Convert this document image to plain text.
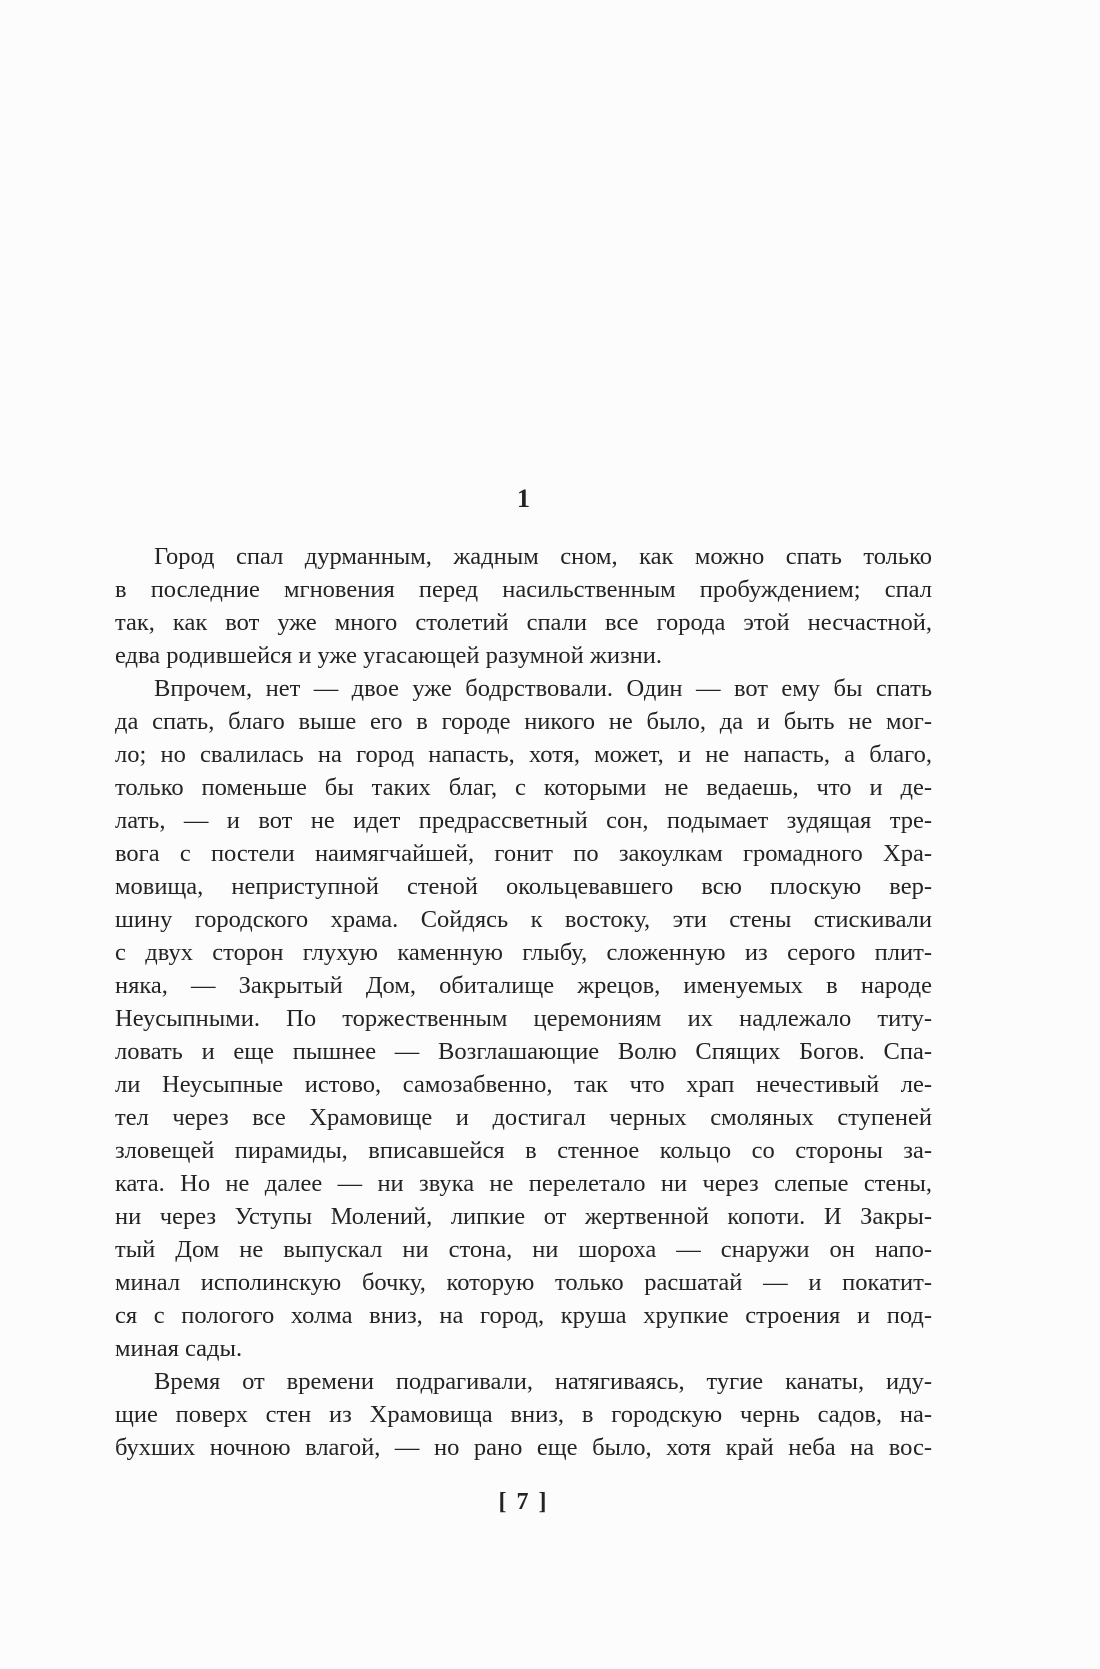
1
Город спал дурманным, жадным сном, как можно спать только
в последние мгновения перед насильственным пробуждением; спал
так, как вот уже много столетий спали все города этой несчастной,
едва родившейся и уже угасающей разумной жизни.
Впрочем, нет — двое уже бодрствовали. Один — вот ему бы спать
да спать, благо выше его в городе никого не было, да и быть не мог-
ло; но свалилась на город напасть, хотя, может, и не напасть, а благо,
только поменьше бы таких благ, с которыми не ведаешь, что и де-
лать, — и вот не идет предрассветный сон, подымает зудящая тре-
вога с постели наимягчайшей, гонит по закоулкам громадного Хра-
мовища, неприступной стеной окольцевавшего всю плоскую вер-
шину городского храма. Сойдясь к востоку, эти стены стискивали
с двух сторон глухую каменную глыбу, сложенную из серого плит-
няка, — Закрытый Дом, обиталище жрецов, именуемых в народе
Неусыпными. По торжественным церемониям их надлежало титу-
ловать и еще пышнее — Возглашающие Волю Спящих Богов. Спа-
ли Неусыпные истово, самозабвенно, так что храп нечестивый ле-
тел через все Храмовище и достигал черных смоляных ступеней
зловещей пирамиды, вписавшейся в стенное кольцо со стороны за-
ката. Но не далее — ни звука не перелетало ни через слепые стены,
ни через Уступы Молений, липкие от жертвенной копоти. И Закры-
тый Дом не выпускал ни стона, ни шороха — снаружи он напо-
минал исполинскую бочку, которую только расшатай — и покатит-
ся с пологого холма вниз, на город, круша хрупкие строения и под-
миная сады.
Время от времени подрагивали, натягиваясь, тугие канаты, иду-
щие поверх стен из Храмовища вниз, в городскую чернь садов, на-
бухших ночною влагой, — но рано еще было, хотя край неба на вос-
[ 7 ]
